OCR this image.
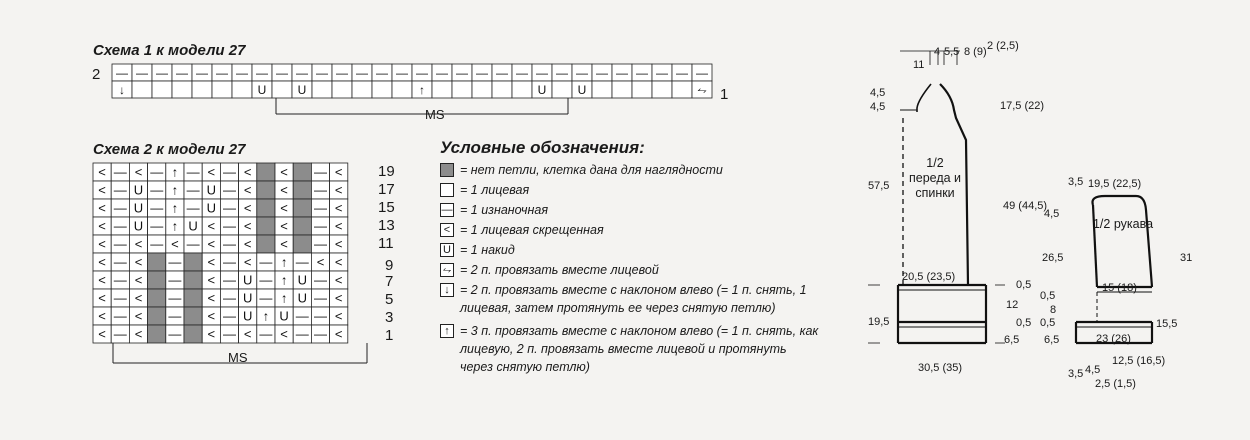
Схема 1 к модели 27
2
1
—
↓
— — — — — — —
U
— —
U
— — — — — —
↑
— — — — — —
U
— —
U
— — — — — —
⥊
< — < — ↑ — < — < < — <
< — U — ↑ — U — < < — <
< — U — ↑ — U — < < — <
< — U — ↑ U < — < < — <
< — < — < — < — < < — <
< — < — < — < — ↑ — < <
< — < — < — U — ↑ U — <
< — < — < — U — ↑ U — <
< — < — < — U ↑ U — — <
< — < — < — < — < — — <
MS
Схема 2 к модели 27
MS
19
17
15
13
11
9
7
5
3
1
Условные обозначения:
= нет петли, клетка дана для наглядности
= 1 лицевая
— = 1 изнаночная
< = 1 лицевая скрещенная
U = 1 накид
⥊ = 2 п. провязать вместе лицевой
↓ = 2 п. провязать вместе с наклоном влево (= 1 п. снять, 1 лицевая, затем протянуть ее через снятую петлю)
↑ = 3 п. провязать вместе с наклоном влево (= 1 п. снять, как лицевую, 2 п. провязать вместе лицевой и протянуть через снятую петлю)
1/2 переда и спинки
11
4 5,5 8 (9) 2 (2,5)
4,5
4,5
57,5
19,5
17,5 (22)
49 (44,5)
0,5
12
0,5
6,5
20,5 (23,5)
30,5 (35)
1/2 рукава
3,5 19,5 (22,5)
4,5
26,5
0,5
8
0,5
6,5
31
15,5
15 (18)
23 (26)
3,5 4,5
12,5 (16,5)
2,5 (1,5)
